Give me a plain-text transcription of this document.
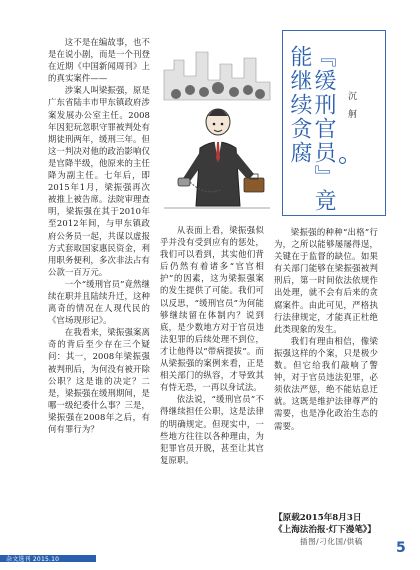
这不是在编故事，也不是在说小剧，而是一个刊登在近期《中国新闻周刊》上的真实案件——

涉案人叫梁振强，原是广东省陆丰市甲东镇政府涉案发展办公室主任。2008年因犯玩忽职守罪被判处有期徒刑两年，缓刑三年。但这一判决对他的政治影响仅是官降半级，他原来的主任降为副主任。七年后，即2015年1月，梁振强再次被推上被告席。法院审理查明，梁振强在其于2010年至2012年间，与甲东镇政府公务员一起，共谋以虚报方式套取国家惠民资金，利用职务便利，多次非法占有公款一百万元。

一个“缓刑官员”竟然继续在职并且陆续升迁，这种离奇的情况在人现代民的《官场现形记》。

在我看来，梁振强案离奇的背后至少存在三个疑问：其一，2008年梁振强被判刑后，为何没有被开除公职？这是谁的决定？二是，梁振强在缓刑期间，是哪一级纪委什么事？三是，梁振强在2008年之后，有何有罪行为？

『缓刑官员』竟能继续贪腐	沉 舸

从表面上看，梁振强似乎并没有受到应有的惩处，我们可以看到，其实他们背后仍然有着诸多“官官相护”的因素，这为梁振强案的发生提供了可能。我们可以反思，“缓刑官员”为何能够继续留在体制内？说到底，是少数地方对于官员违法犯罪的后续处理不到位，才让他得以“带病提拔”。而从梁振强的案例来看，正是相关部门的纵容，才导致其有恃无恐，一再以身试法。

依法说，“缓刑官员”不得继续担任公职，这是法律的明确规定。但现实中，一些地方往往以各种理由，为犯罪官员开脱，甚至让其官复原职。

梁振强的种种“出格”行为，之所以能够屡屡得逞，关键在于监督的缺位。如果有关部门能够在梁振强被判刑后，第一时间依法依规作出处理，就不会有后来的贪腐案件。由此可见，严格执行法律规定，才能真正杜绝此类现象的发生。

我们有理由相信，像梁振强这样的个案，只是极少数。但它给我们敲响了警钟，对于官员违法犯罪，必须依法严惩，绝不能姑息迁就。这既是维护法律尊严的需要，也是净化政治生态的需要。

【原载2015年8月3日
《上海法治报·灯下漫笔》】
插图/刁化国/供稿
杂文选刊 2015.10
5
